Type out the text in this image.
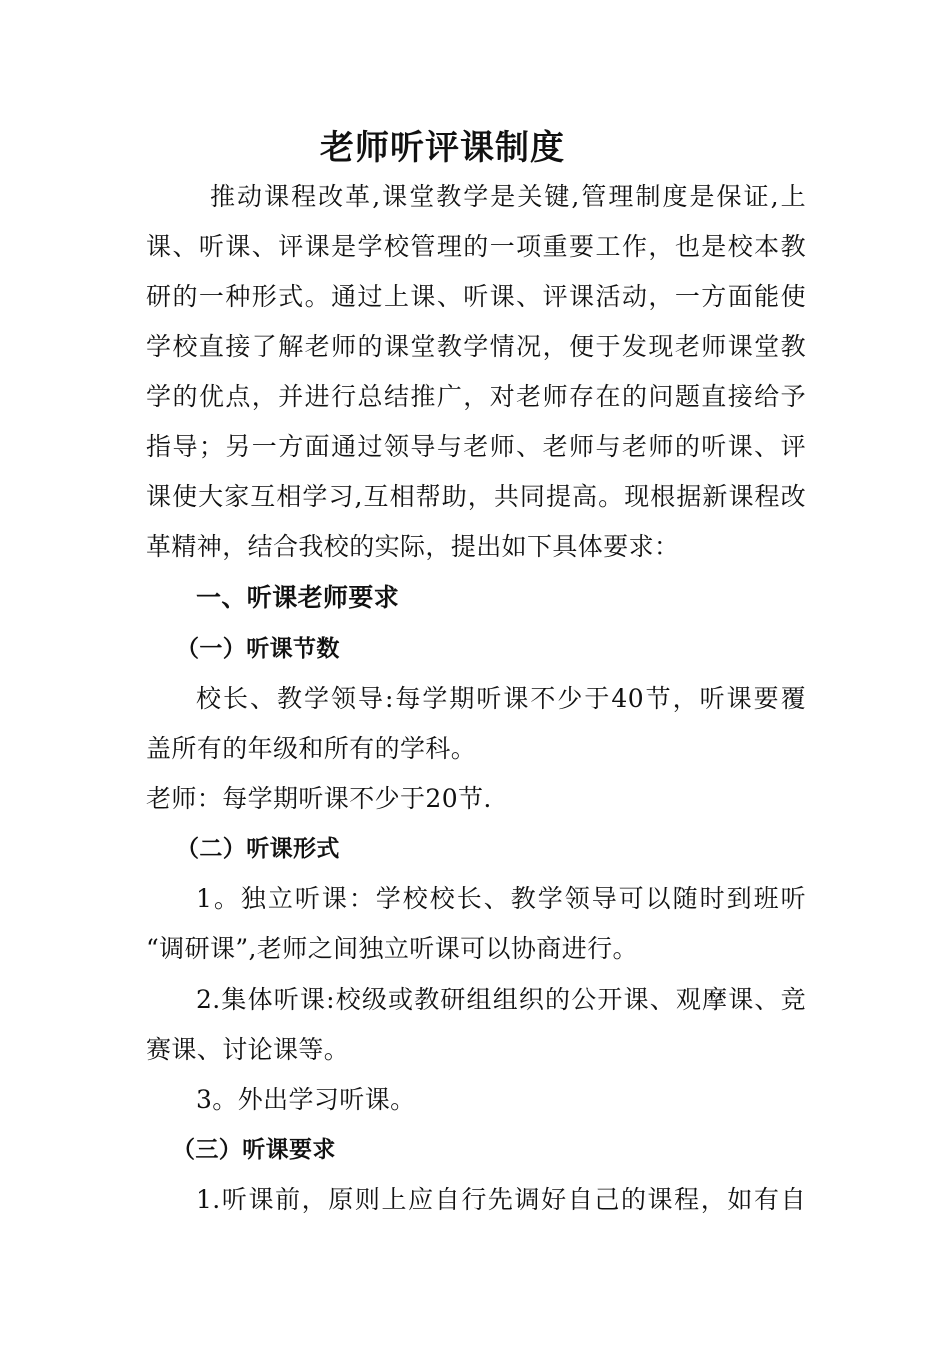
老师听评课制度
推动课程改革,课堂教学是关键,管理制度是保证,上
课、听课、评课是学校管理的一项重要工作，也是校本教
研的一种形式。通过上课、听课、评课活动，一方面能使
学校直接了解老师的课堂教学情况，便于发现老师课堂教
学的优点，并进行总结推广，对老师存在的问题直接给予
指导；另一方面通过领导与老师、老师与老师的听课、评
课使大家互相学习,互相帮助，共同提高。现根据新课程改
革精神，结合我校的实际，提出如下具体要求：
一、听课老师要求
（一）听课节数
校长、教学领导:每学期听课不少于40节，听课要覆
盖所有的年级和所有的学科。
老师：每学期听课不少于20节.
（二）听课形式
1。独立听课：学校校长、教学领导可以随时到班听
“调研课”,老师之间独立听课可以协商进行。
2.集体听课:校级或教研组组织的公开课、观摩课、竞
赛课、讨论课等。
3。外出学习听课。
（三）听课要求
1.听课前，原则上应自行先调好自己的课程，如有自
